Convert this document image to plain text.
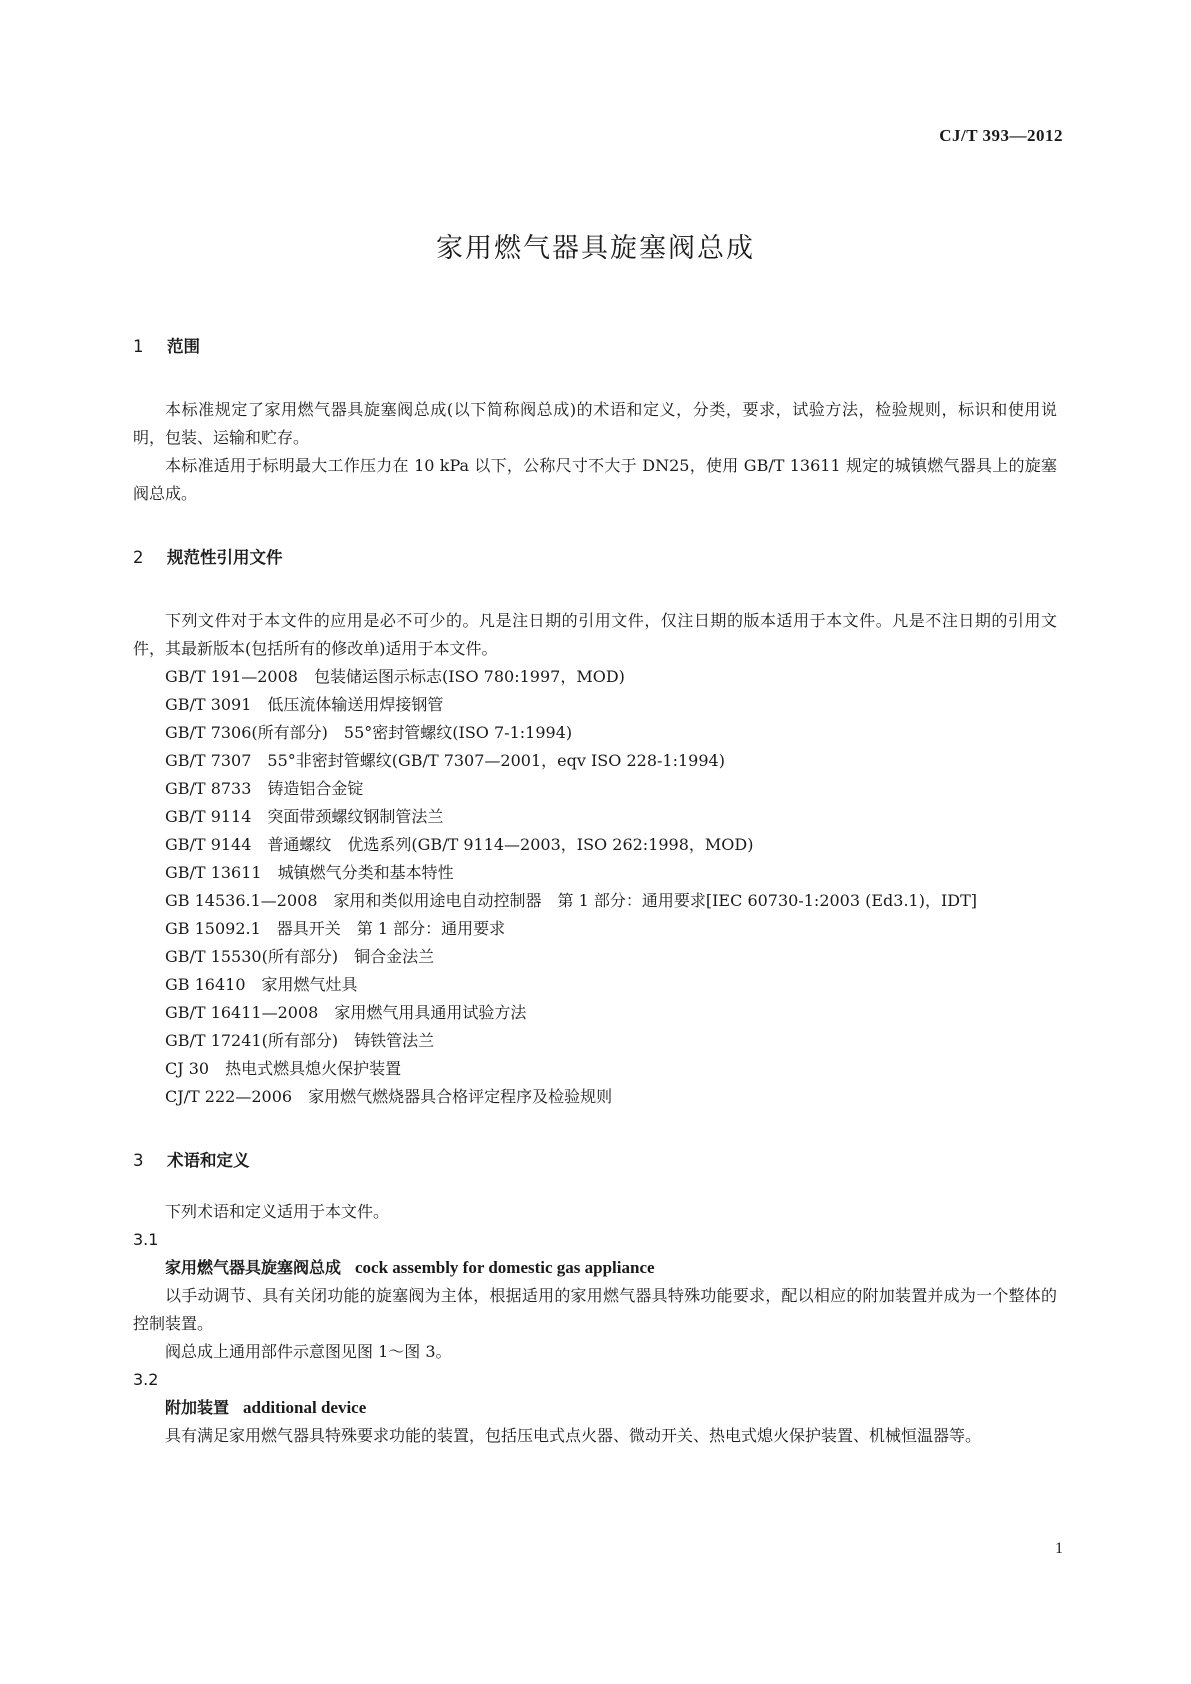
CJ/T 393—2012
家用燃气器具旋塞阀总成
1 范围

本标准规定了家用燃气器具旋塞阀总成(以下简称阀总成)的术语和定义，分类，要求，试验方法，检验规则，标识和使用说明，包装、运输和贮存。

本标准适用于标明最大工作压力在 10 kPa 以下，公称尺寸不大于 DN25，使用 GB/T 13611 规定的城镇燃气器具上的旋塞阀总成。

2 规范性引用文件

下列文件对于本文件的应用是必不可少的。凡是注日期的引用文件，仅注日期的版本适用于本文件。凡是不注日期的引用文件，其最新版本(包括所有的修改单)适用于本文件。

GB/T 191—2008 包装储运图示标志(ISO 780:1997，MOD)

GB/T 3091 低压流体输送用焊接钢管

GB/T 7306(所有部分) 55°密封管螺纹(ISO 7-1:1994)

GB/T 7307 55°非密封管螺纹(GB/T 7307—2001，eqv ISO 228-1:1994)

GB/T 8733 铸造铝合金锭

GB/T 9114 突面带颈螺纹钢制管法兰

GB/T 9144 普通螺纹　优选系列(GB/T 9114—2003，ISO 262:1998，MOD)

GB/T 13611 城镇燃气分类和基本特性

GB 14536.1—2008 家用和类似用途电自动控制器　第 1 部分：通用要求[IEC 60730-1:2003 (Ed3.1)，IDT]

GB 15092.1 器具开关　第 1 部分：通用要求

GB/T 15530(所有部分) 铜合金法兰

GB 16410 家用燃气灶具

GB/T 16411—2008 家用燃气用具通用试验方法

GB/T 17241(所有部分) 铸铁管法兰

CJ 30 热电式燃具熄火保护装置

CJ/T 222—2006 家用燃气燃烧器具合格评定程序及检验规则

3 术语和定义

下列术语和定义适用于本文件。

3.1

家用燃气器具旋塞阀总成 cock assembly for domestic gas appliance

以手动调节、具有关闭功能的旋塞阀为主体，根据适用的家用燃气器具特殊功能要求，配以相应的附加装置并成为一个整体的控制装置。

阀总成上通用部件示意图见图 1～图 3。

3.2

附加装置 additional device

具有满足家用燃气器具特殊要求功能的装置，包括压电式点火器、微动开关、热电式熄火保护装置、机械恒温器等。

1
